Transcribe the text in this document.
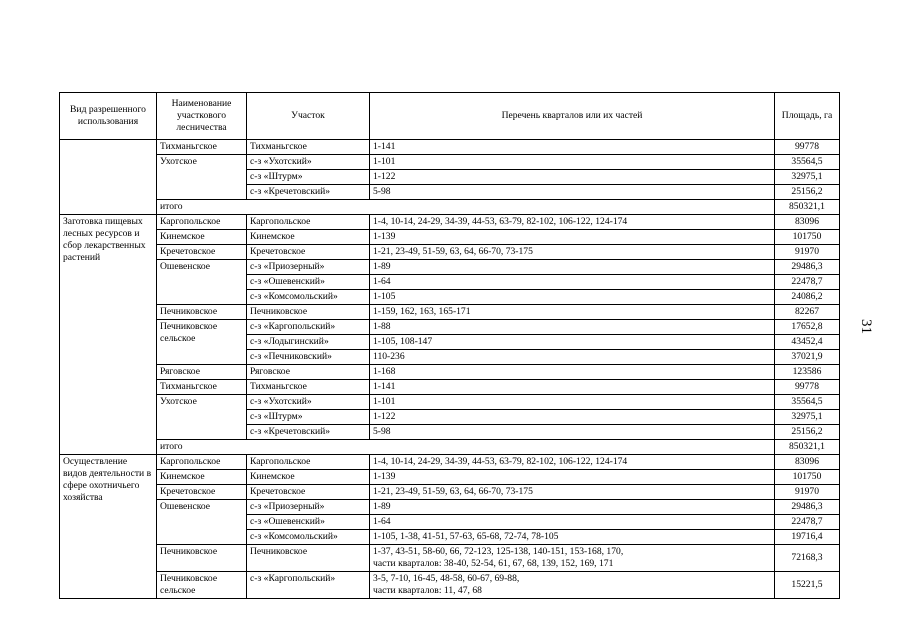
Вид разрешенного использования	Наименование участкового лесничества	Участок	Перечень кварталов или их частей	Площадь, га
	Тихманьгское	Тихманьгское	1-141	99778
	Ухотское	с-з «Ухотский»	1-101	35564,5
		с-з «Штурм»	1-122	32975,1
		с-з «Кречетовский»	5-98	25156,2
	итого			850321,1
Заготовка пищевых лесных ресурсов и сбор лекарственных растений	Каргопольское	Каргопольское	1-4, 10-14, 24-29, 34-39, 44-53, 63-79, 82-102, 106-122, 124-174	83096
	Кинемское	Кинемское	1-139	101750
	Кречетовское	Кречетовское	1-21, 23-49, 51-59, 63, 64, 66-70, 73-175	91970
	Ошевенское	с-з «Приозерный»	1-89	29486,3
		с-з «Ошевенский»	1-64	22478,7
		с-з «Комсомольский»	1-105	24086,2
	Печниковское	Печниковское	1-159, 162, 163, 165-171	82267
	Печниковское сельское	с-з «Каргопольский»	1-88	17652,8
		с-з «Лодыгинский»	1-105, 108-147	43452,4
		с-з «Печниковский»	110-236	37021,9
	Ряговское	Ряговское	1-168	123586
	Тихманьгское	Тихманьгское	1-141	99778
	Ухотское	с-з «Ухотский»	1-101	35564,5
		с-з «Штурм»	1-122	32975,1
		с-з «Кречетовский»	5-98	25156,2
	итого			850321,1
Осуществление видов деятельности в сфере охотничьего хозяйства	Каргопольское	Каргопольское	1-4, 10-14, 24-29, 34-39, 44-53, 63-79, 82-102, 106-122, 124-174	83096
	Кинемское	Кинемское	1-139	101750
	Кречетовское	Кречетовское	1-21, 23-49, 51-59, 63, 64, 66-70, 73-175	91970
	Ошевенское	с-з «Приозерный»	1-89	29486,3
		с-з «Ошевенский»	1-64	22478,7
		с-з «Комсомольский»	1-105, 1-38, 41-51, 57-63, 65-68, 72-74, 78-105	19716,4
	Печниковское	Печниковское	1-37, 43-51, 58-60, 66, 72-123, 125-138, 140-151, 153-168, 170,
части кварталов: 38-40, 52-54, 61, 67, 68, 139, 152, 169, 171	72168,3
	Печниковское сельское	с-з «Каргопольский»	3-5, 7-10, 16-45, 48-58, 60-67, 69-88,
части кварталов: 11, 47, 68	15221,5
31
